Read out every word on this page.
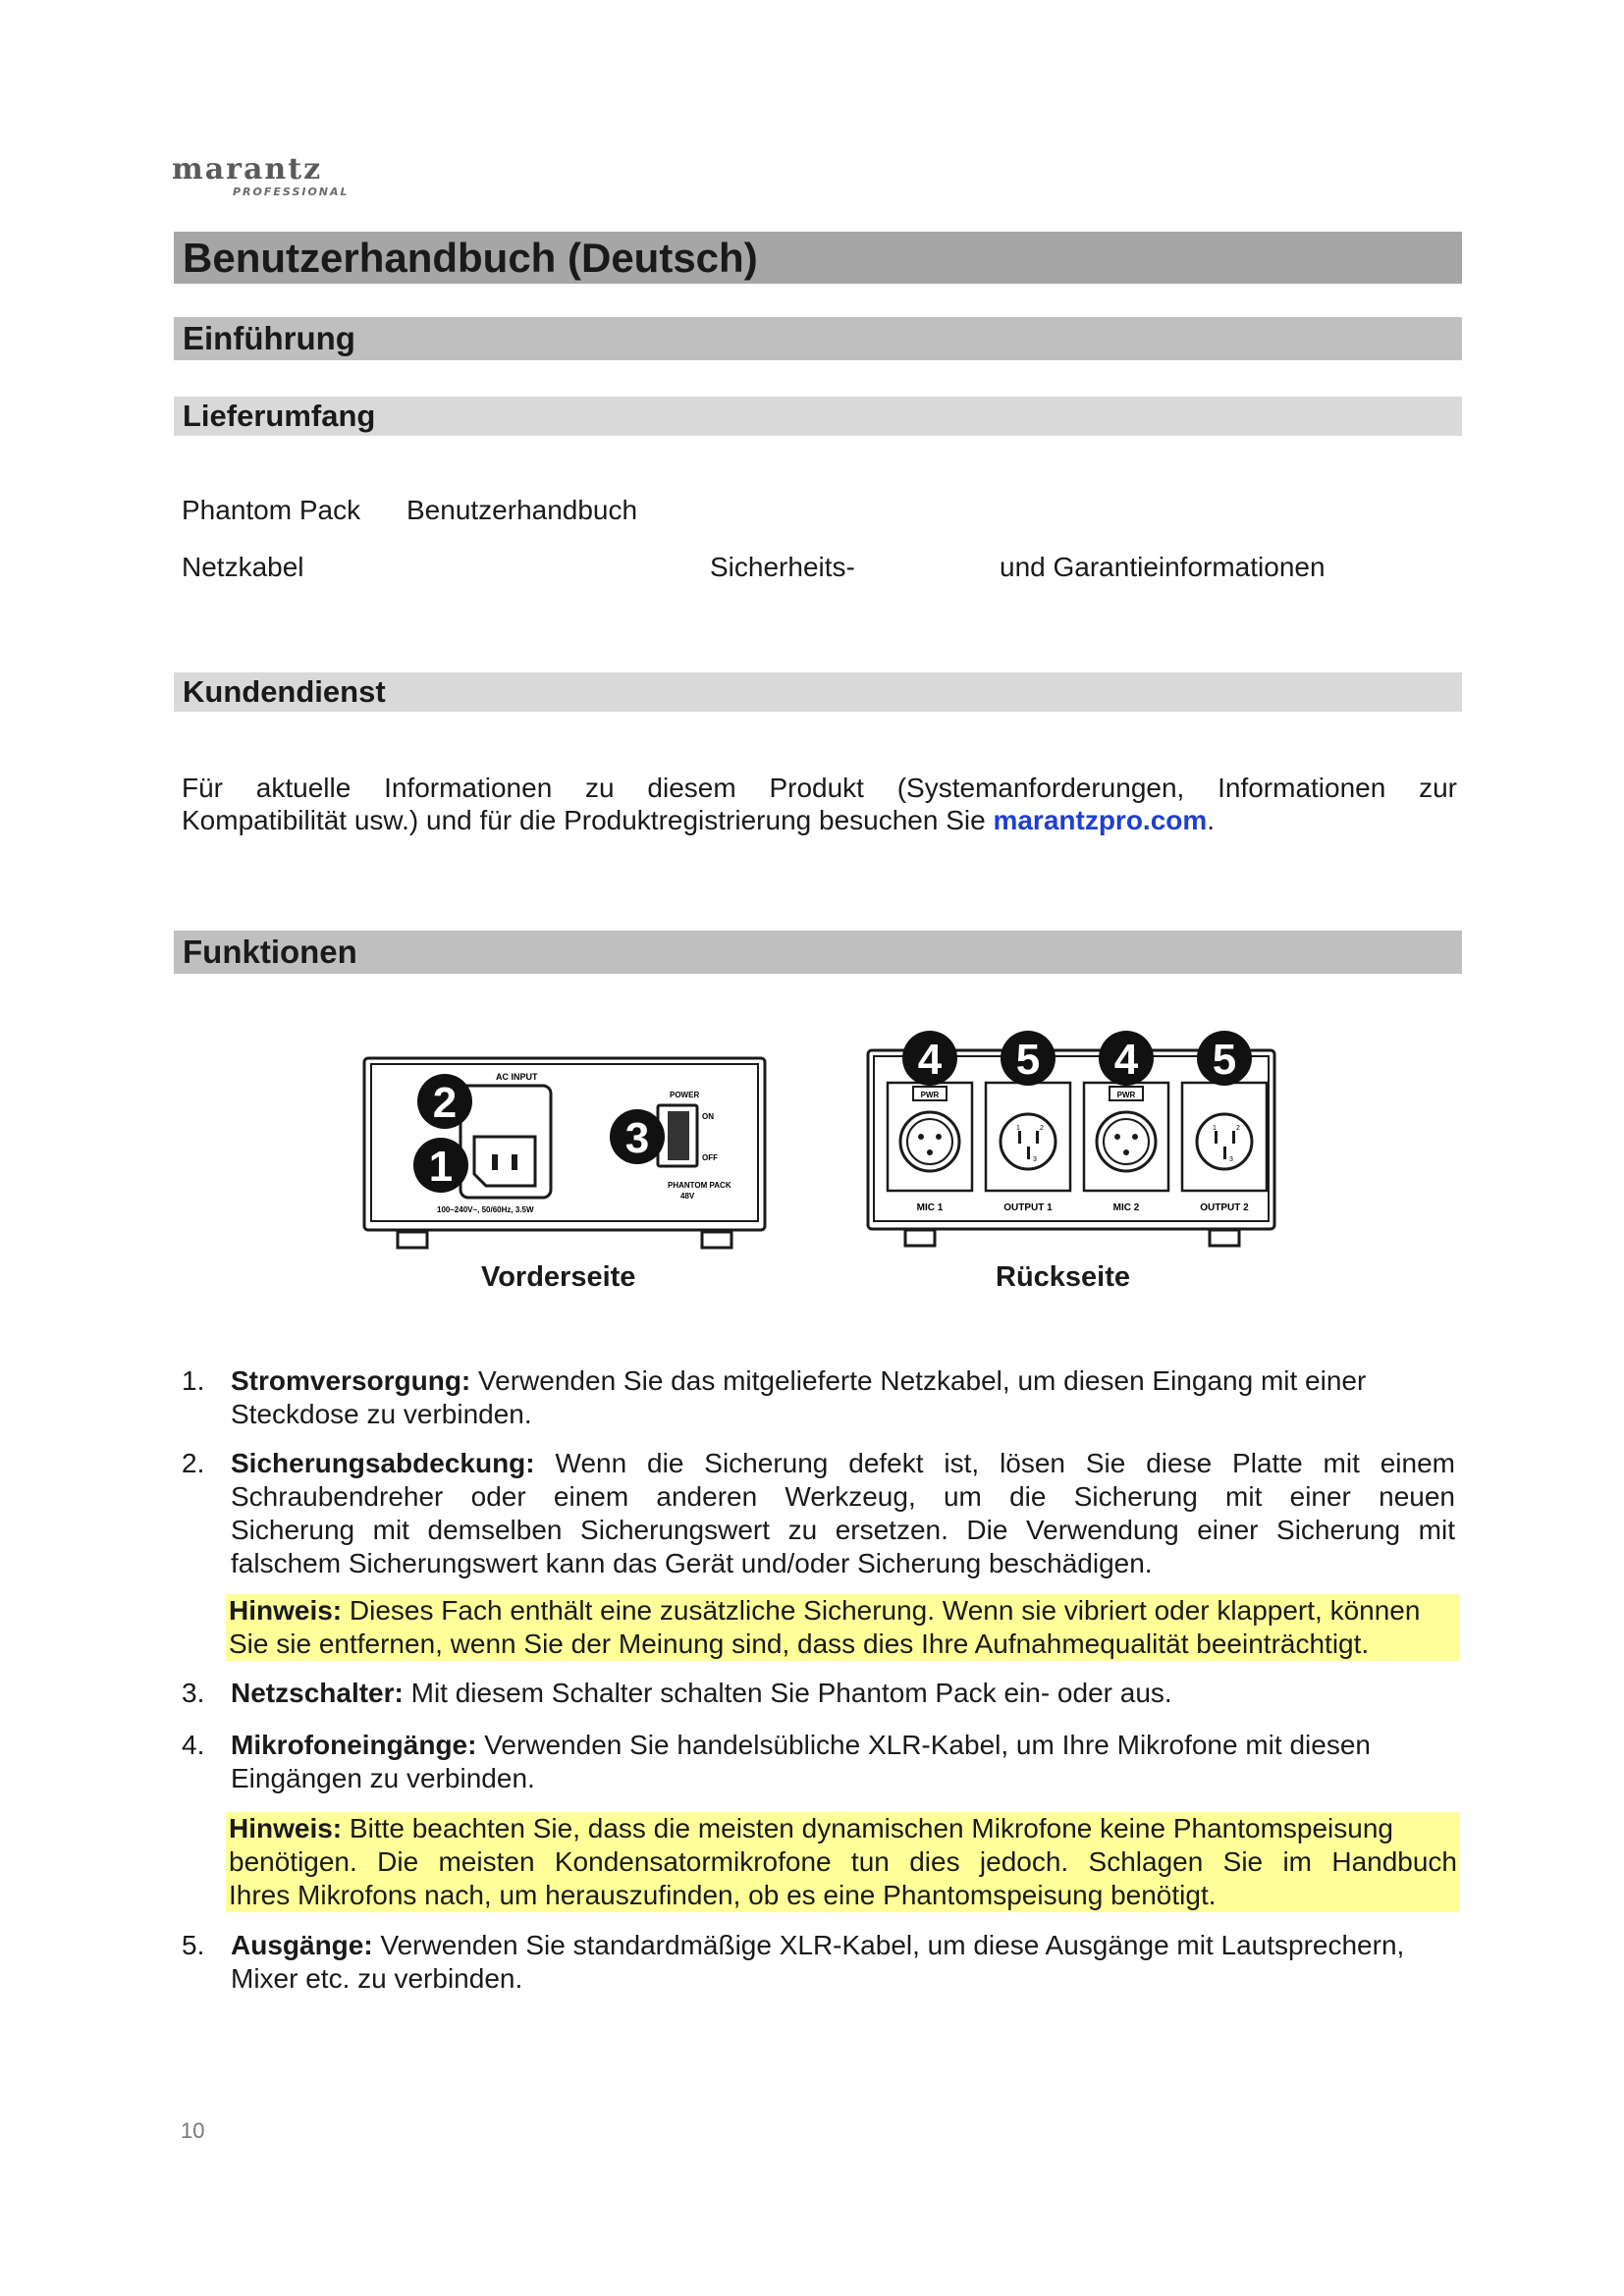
marantz
PROFESSIONAL
Benutzerhandbuch (Deutsch)
Einführung
Lieferumfang
Phantom Pack Benutzerhandbuch
Netzkabel	Sicherheits-	und Garantieinformationen
Kundendienst
Für aktuelle Informationen zu diesem Produkt (Systemanforderungen, Informationen zur
Kompatibilität usw.) und für die Produktregistrierung besuchen Sie marantzpro.com.
Funktionen
AC INPUT
100–240V~, 50/60Hz, 3.5W
2
1
POWER
ON
OFF
3
PHANTOM PACK
48V
PWR
1	2
3
PWR
1	2
3
MIC 1	OUTPUT 1	MIC 2	OUTPUT 2
4 5 4 5
Vorderseite	Rückseite
1. Stromversorgung: Verwenden Sie das mitgelieferte Netzkabel, um diesen Eingang mit einer
Steckdose zu verbinden.
2. Sicherungsabdeckung: Wenn die Sicherung defekt ist, lösen Sie diese Platte mit einem
Schraubendreher oder einem anderen Werkzeug, um die Sicherung mit einer neuen
Sicherung mit demselben Sicherungswert zu ersetzen. Die Verwendung einer Sicherung mit
falschem Sicherungswert kann das Gerät und/oder Sicherung beschädigen.
Hinweis: Dieses Fach enthält eine zusätzliche Sicherung. Wenn sie vibriert oder klappert, können
Sie sie entfernen, wenn Sie der Meinung sind, dass dies Ihre Aufnahmequalität beeinträchtigt.
3. Netzschalter: Mit diesem Schalter schalten Sie Phantom Pack ein- oder aus.
4. Mikrofoneingänge: Verwenden Sie handelsübliche XLR-Kabel, um Ihre Mikrofone mit diesen
Eingängen zu verbinden.
Hinweis: Bitte beachten Sie, dass die meisten dynamischen Mikrofone keine Phantomspeisung
benötigen. Die meisten Kondensatormikrofone tun dies jedoch. Schlagen Sie im Handbuch
Ihres Mikrofons nach, um herauszufinden, ob es eine Phantomspeisung benötigt.
5. Ausgänge: Verwenden Sie standardmäßige XLR-Kabel, um diese Ausgänge mit Lautsprechern,
Mixer etc. zu verbinden.
10
